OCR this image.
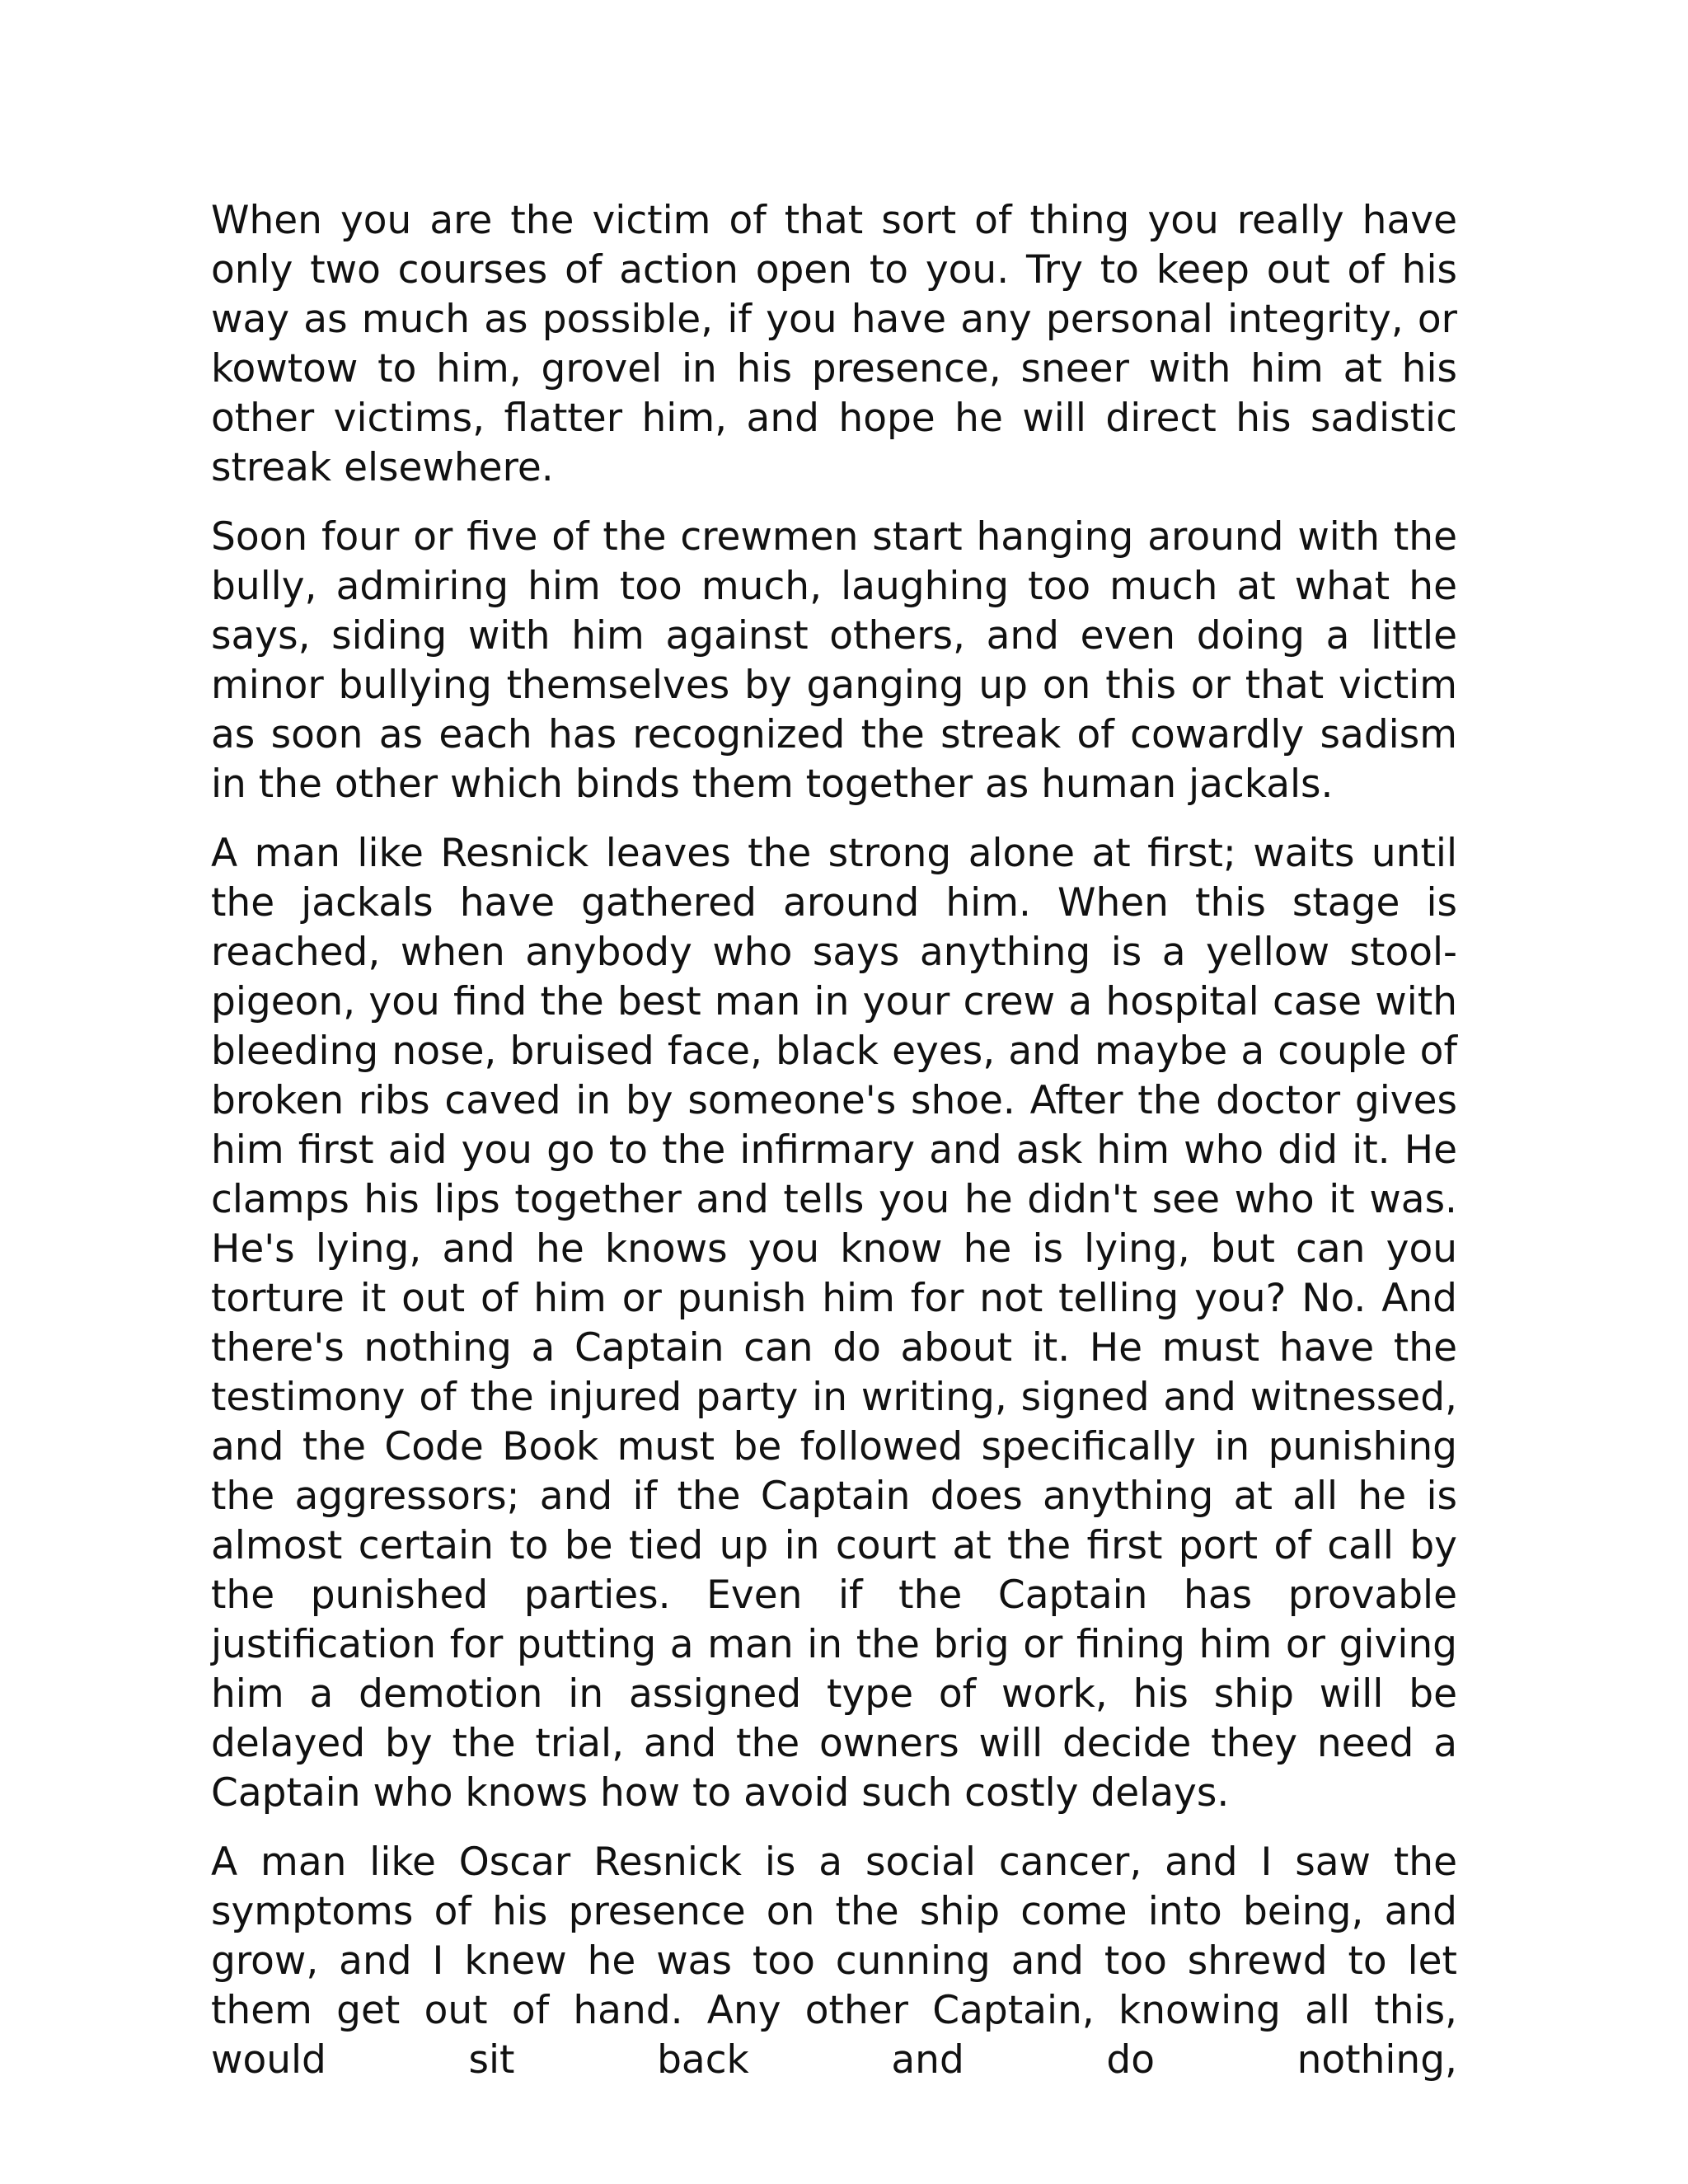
When you are the victim of that sort of thing you really have only two courses of action open to you. Try to keep out of his way as much as possible, if you have any personal integrity, or kowtow to him, grovel in his presence, sneer with him at his other victims, flatter him, and hope he will direct his sadistic streak elsewhere.

Soon four or five of the crewmen start hanging around with the bully, admiring him too much, laughing too much at what he says, siding with him against others, and even doing a little minor bullying themselves by ganging up on this or that victim as soon as each has recognized the streak of cowardly sadism in the other which binds them together as human jackals.

A man like Resnick leaves the strong alone at first; waits until the jackals have gathered around him. When this stage is reached, when anybody who says anything is a yellow stool-pigeon, you find the best man in your crew a hospital case with bleeding nose, bruised face, black eyes, and maybe a couple of broken ribs caved in by someone's shoe. After the doctor gives him first aid you go to the infirmary and ask him who did it. He clamps his lips together and tells you he didn't see who it was. He's lying, and he knows you know he is lying, but can you torture it out of him or punish him for not telling you? No. And there's nothing a Captain can do about it. He must have the testimony of the injured party in writing, signed and witnessed, and the Code Book must be followed specifically in punishing the aggressors; and if the Captain does anything at all he is almost certain to be tied up in court at the first port of call by the punished parties. Even if the Captain has provable justification for putting a man in the brig or fining him or giving him a demotion in assigned type of work, his ship will be delayed by the trial, and the owners will decide they need a Captain who knows how to avoid such costly delays.

A man like Oscar Resnick is a social cancer, and I saw the symptoms of his presence on the ship come into being, and grow, and I knew he was too cunning and too shrewd to let them get out of hand. Any other Captain, knowing all this, would sit back and do nothing,
